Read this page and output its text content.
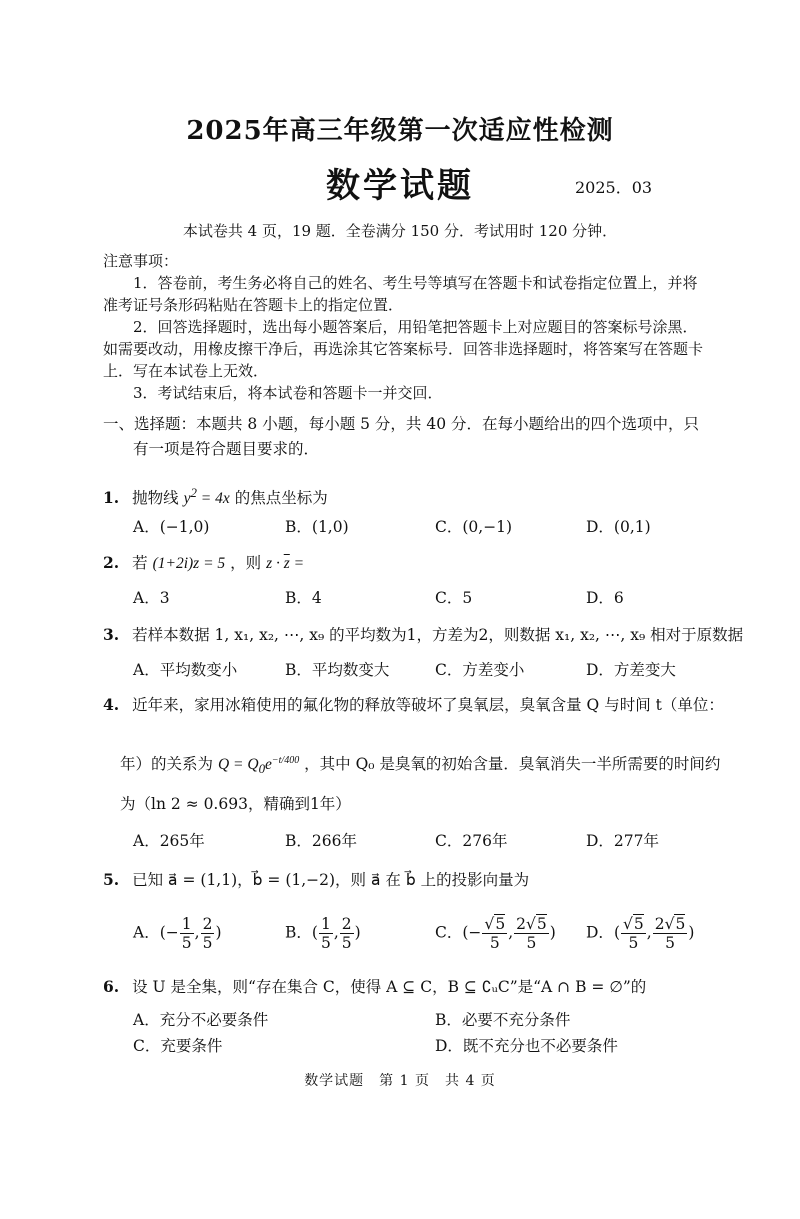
2025年高三年级第一次适应性检测
数学试题	2025．03
本试卷共 4 页，19 题．全卷满分 150 分．考试用时 120 分钟．

注意事项：

1．答卷前，考生务必将自己的姓名、考生号等填写在答题卡和试卷指定位置上，并将准考证号条形码粘贴在答题卡上的指定位置．

2．回答选择题时，选出每小题答案后，用铅笔把答题卡上对应题目的答案标号涂黑．如需要改动，用橡皮擦干净后，再选涂其它答案标号．回答非选择题时，将答案写在答题卡上．写在本试卷上无效．

3．考试结束后，将本试卷和答题卡一并交回．

一、选择题：本题共 8 小题，每小题 5 分，共 40 分．在每小题给出的四个选项中，只有一项是符合题目要求的．
1. 抛物线 $y^2 = 4x$ 的焦点坐标为
A．(−1,0)	B．(1,0)	C．(0,−1)	D．(0,1)
2. 若 (1+2i)z = 5 ，则 $z \cdot \overline{z}$ =
A．3	B．4	C．5	D．6
3. 若样本数据 1, x₁, x₂, ⋯, x₉ 的平均数为1，方差为2，则数据 x₁, x₂, ⋯, x₉ 相对于原数据
A．平均数变小	B．平均数变大	C．方差变小	D．方差变大
4. 近年来，家用冰箱使用的氟化物的释放等破坏了臭氧层，臭氧含量 Q 与时间 t（单位：
年）的关系为 $Q = Q_0e^{-t/400}$ ，其中 Q₀ 是臭氧的初始含量．臭氧消失一半所需要的时间约
为（ln 2 ≈ 0.693，精确到1年）
A．265年	B．266年	C．276年	D．277年
5. 已知 a⃗ = (1,1)，b⃗ = (1,−2)，则 a⃗ 在 b⃗ 上的投影向量为
A．(− $\frac{1}{5}$ , $\frac{2}{5}$ )	B．( $\frac{1}{5}$ , $\frac{2}{5}$ )	C．(− $\frac{√5}{5}$ , $\frac{2√5}{5}$ ) D．( $\frac{√5}{5}$ , $\frac{2√5}{5}$ )
6. 设 U 是全集，则“存在集合 C，使得 A ⊆ C，B ⊆ ∁ᵤC”是“A ∩ B = ∅”的
A．充分不必要条件	B．必要不充分条件
C．充要条件	D．既不充分也不必要条件
数学试题　第 1 页　共 4 页
